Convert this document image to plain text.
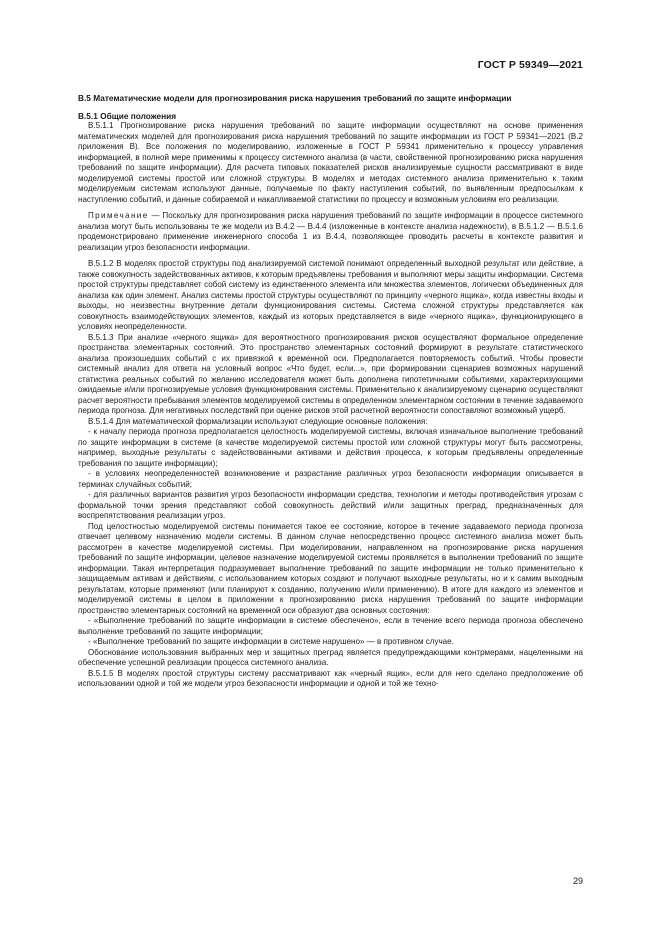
ГОСТ Р 59349—2021
В.5 Математические модели для прогнозирования риска нарушения требований по защите информации
В.5.1 Общие положения

В.5.1.1 Прогнозирование риска нарушения требований по защите информации осуществляют на основе применения математических моделей для прогнозирования риска нарушения требований по защите информации из ГОСТ Р 59341—2021 (В.2 приложения В). Все положения по моделированию, изложенные в ГОСТ Р 59341 применительно к процессу управления информацией, в полной мере применимы к процессу системного анализа (в части, свойственной прогнозированию риска нарушения требований по защите информации). Для расчета типовых показателей рисков анализируемые сущности рассматривают в виде моделируемой системы простой или сложной структуры. В моделях и методах системного анализа применительно к таким моделируемым системам используют данные, получаемые по факту наступления событий, по выявленным предпосылкам к наступлению событий, и данные собираемой и накапливаемой статистики по процессу и возможным условиям его реализации.

Примечание — Поскольку для прогнозирования риска нарушения требований по защите информации в процессе системного анализа могут быть использованы те же модели из В.4.2 — В.4.4 (изложенные в контексте анализа надежности), в В.5.1.2 — В.5.1.6 продемонстрировано применение инженерного способа 1 из В.4.4, позволяющее проводить расчеты в контексте развития и реализации угроз безопасности информации.

В.5.1.2 В моделях простой структуры под анализируемой системой понимают определенный выходной результат или действие, а также совокупность задействованных активов, к которым предъявлены требования и выполняют меры защиты информации. Система простой структуры представляет собой систему из единственного элемента или множества элементов, логически объединенных для анализа как один элемент. Анализ системы простой структуры осуществляют по принципу «черного ящика», когда известны входы и выходы, но неизвестны внутренние детали функционирования системы. Система сложной структуры представляется как совокупность взаимодействующих элементов, каждый из которых представляется в виде «черного ящика», функционирующего в условиях неопределенности.

В.5.1.3 При анализе «черного ящика» для вероятностного прогнозирования рисков осуществляют формальное определение пространства элементарных состояний. Это пространство элементарных состояний формируют в результате статистического анализа произошедших событий с их привязкой к временной оси. Предполагается повторяемость событий. Чтобы провести системный анализ для ответа на условный вопрос «Что будет, если...», при формировании сценариев возможных нарушений статистика реальных событий по желанию исследователя может быть дополнена гипотетичными событиями, характеризующими ожидаемые и/или прогнозируемые условия функционирования системы. Применительно к анализируемому сценарию осуществляют расчет вероятности пребывания элементов моделируемой системы в определенном элементарном состоянии в течение задаваемого периода прогноза. Для негативных последствий при оценке рисков этой расчетной вероятности сопоставляют возможный ущерб.

В.5.1.4 Для математической формализации используют следующие основные положения:

- к началу периода прогноза предполагается целостность моделируемой системы, включая изначальное выполнение требований по защите информации в системе (в качестве моделируемой системы простой или сложной структуры могут быть рассмотрены, например, выходные результаты с задействованными активами и действия процесса, к которым предъявлены определенные требования по защите информации);

- в условиях неопределенностей возникновение и разрастание различных угроз безопасности информации описывается в терминах случайных событий;

- для различных вариантов развития угроз безопасности информации средства, технологии и методы противодействия угрозам с формальной точки зрения представляют собой совокупность действий и/или защитных преград, предназначенных для воспрепятствования реализации угроз.

Под целостностью моделируемой системы понимается такое ее состояние, которое в течение задаваемого периода прогноза отвечает целевому назначению модели системы. В данном случае непосредственно процесс системного анализа может быть рассмотрен в качестве моделируемой системы. При моделировании, направленном на прогнозирование риска нарушения требований по защите информации, целевое назначение моделируемой системы проявляется в выполнении требований по защите информации. Такая интерпретация подразумевает выполнение требований по защите информации не только применительно к защищаемым активам и действиям, с использованием которых создают и получают выходные результаты, но и к самим выходным результатам, которые применяют (или планируют к созданию, получению и/или применению). В итоге для каждого из элементов и моделируемой системы в целом в приложении к прогнозированию риска нарушения требований по защите информации пространство элементарных состояний на временной оси образуют два основных состояния:

- «Выполнение требований по защите информации в системе обеспечено», если в течение всего периода прогноза обеспечено выполнение требований по защите информации;

- «Выполнение требований по защите информации в системе нарушено» — в противном случае.

Обоснование использования выбранных мер и защитных преград является предупреждающими контрмерами, нацеленными на обеспечение успешной реализации процесса системного анализа.

В.5.1.5 В моделях простой структуры систему рассматривают как «черный ящик», если для него сделано предположение об использовании одной и той же модели угроз безопасности информации и одной и той же техно-

29
